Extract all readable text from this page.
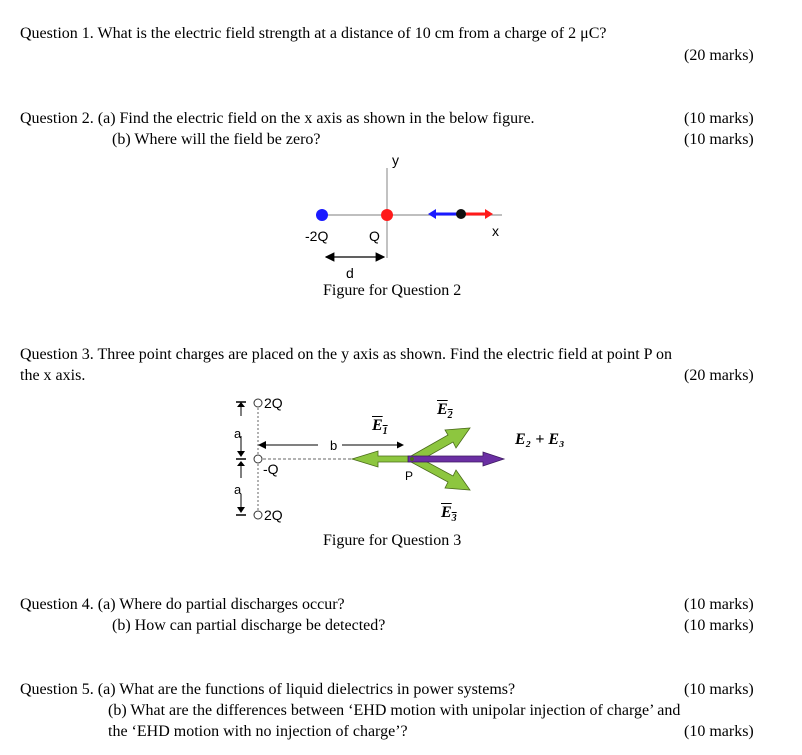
Question 1. What is the electric field strength at a distance of 10 cm from a charge of 2 μC?
(20 marks)
Question 2. (a) Find the electric field on the x axis as shown in the below figure.	(10 marks)
(b) Where will the field be zero?	(10 marks)
y
x
-2Q	Q
d
Figure for Question 2
Question 3. Three point charges are placed on the y axis as shown. Find the electric field at point P on
the x axis.	(20 marks)
2Q
-Q
2Q
a
a
b
P
$E_1$
$E_2$
$E_3$
E₂ + E₃
Figure for Question 3
Question 4. (a) Where do partial discharges occur?	(10 marks)
(b) How can partial discharge be detected?	(10 marks)
Question 5. (a) What are the functions of liquid dielectrics in power systems?	(10 marks)
(b) What are the differences between ‘EHD motion with unipolar injection of charge’ and
the ‘EHD motion with no injection of charge’?	(10 marks)
